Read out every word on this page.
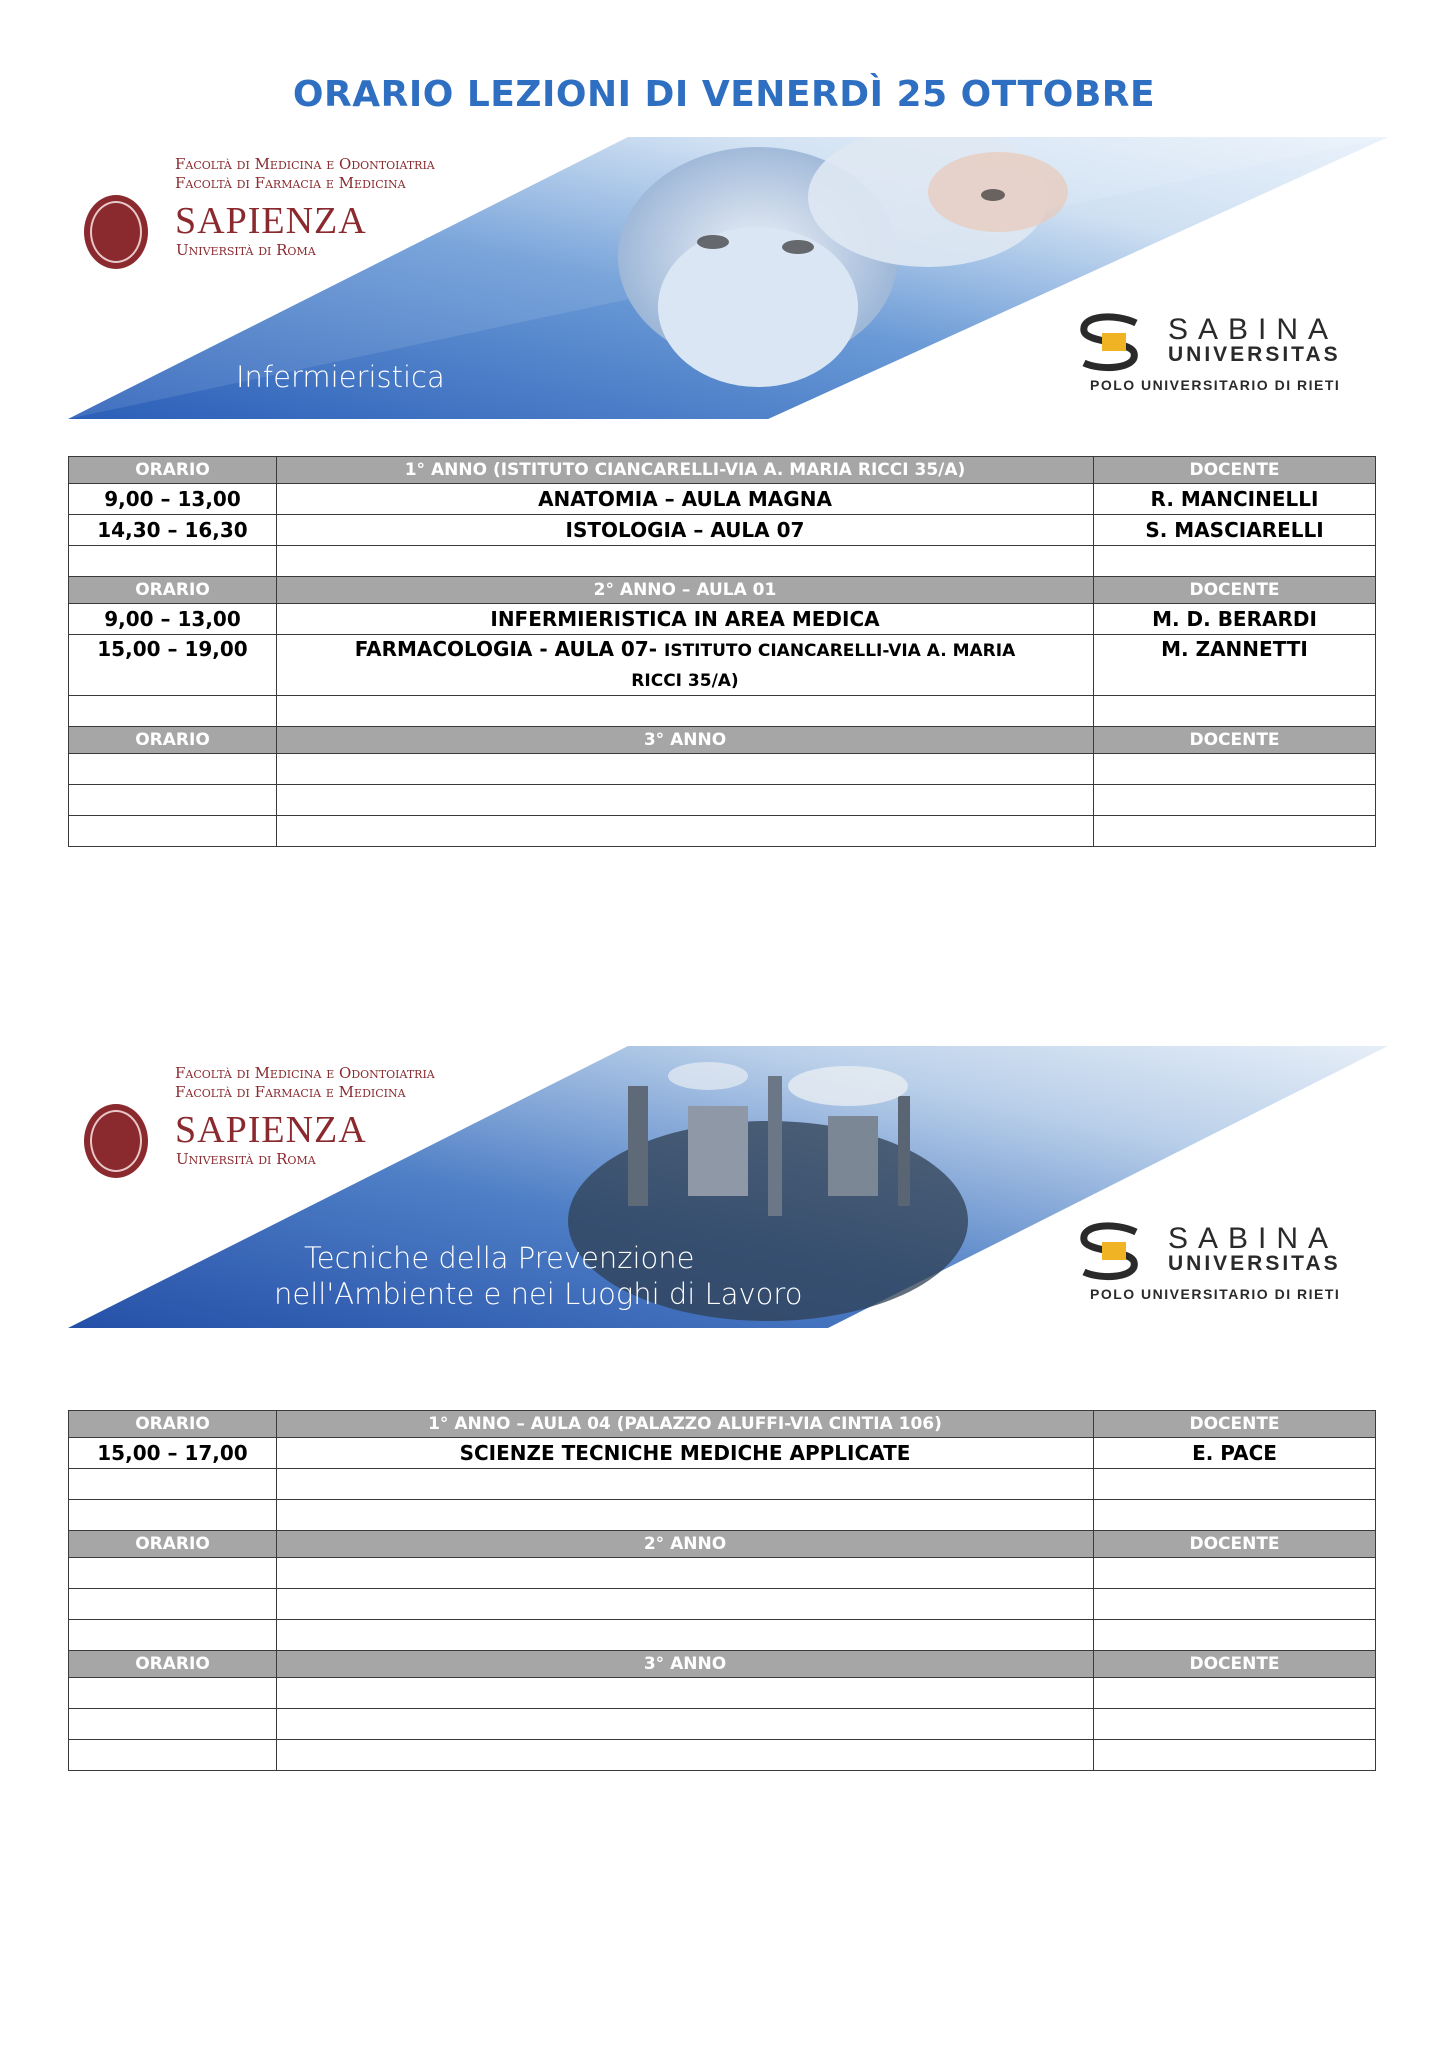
ORARIO LEZIONI DI VENERDÌ 25 OTTOBRE
Facoltà di Medicina e Odontoiatria
Facoltà di Farmacia e Medicina
SAPIENZA
Università di Roma
Infermieristica
SABINA
UNIVERSITAS
POLO UNIVERSITARIO DI RIETI
ORARIO	1° ANNO (ISTITUTO CIANCARELLI-VIA A. MARIA RICCI 35/A)	DOCENTE
9,00 – 13,00	ANATOMIA – AULA MAGNA	R. MANCINELLI
14,30 – 16,30	ISTOLOGIA – AULA 07	S. MASCIARELLI

ORARIO	2° ANNO – AULA 01	DOCENTE
9,00 – 13,00	INFERMIERISTICA IN AREA MEDICA	M. D. BERARDI
15,00 – 19,00	FARMACOLOGIA - AULA 07- ISTITUTO CIANCARELLI-VIA A. MARIA
RICCI 35/A)	M. ZANNETTI

ORARIO	3° ANNO	DOCENTE

Facoltà di Medicina e Odontoiatria
Facoltà di Farmacia e Medicina
SAPIENZA
Università di Roma
Tecniche della Prevenzione
nell'Ambiente e nei Luoghi di Lavoro
SABINA
UNIVERSITAS
POLO UNIVERSITARIO DI RIETI
ORARIO	1° ANNO – AULA 04 (PALAZZO ALUFFI-VIA CINTIA 106)	DOCENTE
15,00 – 17,00	SCIENZE TECNICHE MEDICHE APPLICATE	E. PACE

ORARIO	2° ANNO	DOCENTE

ORARIO	3° ANNO	DOCENTE
